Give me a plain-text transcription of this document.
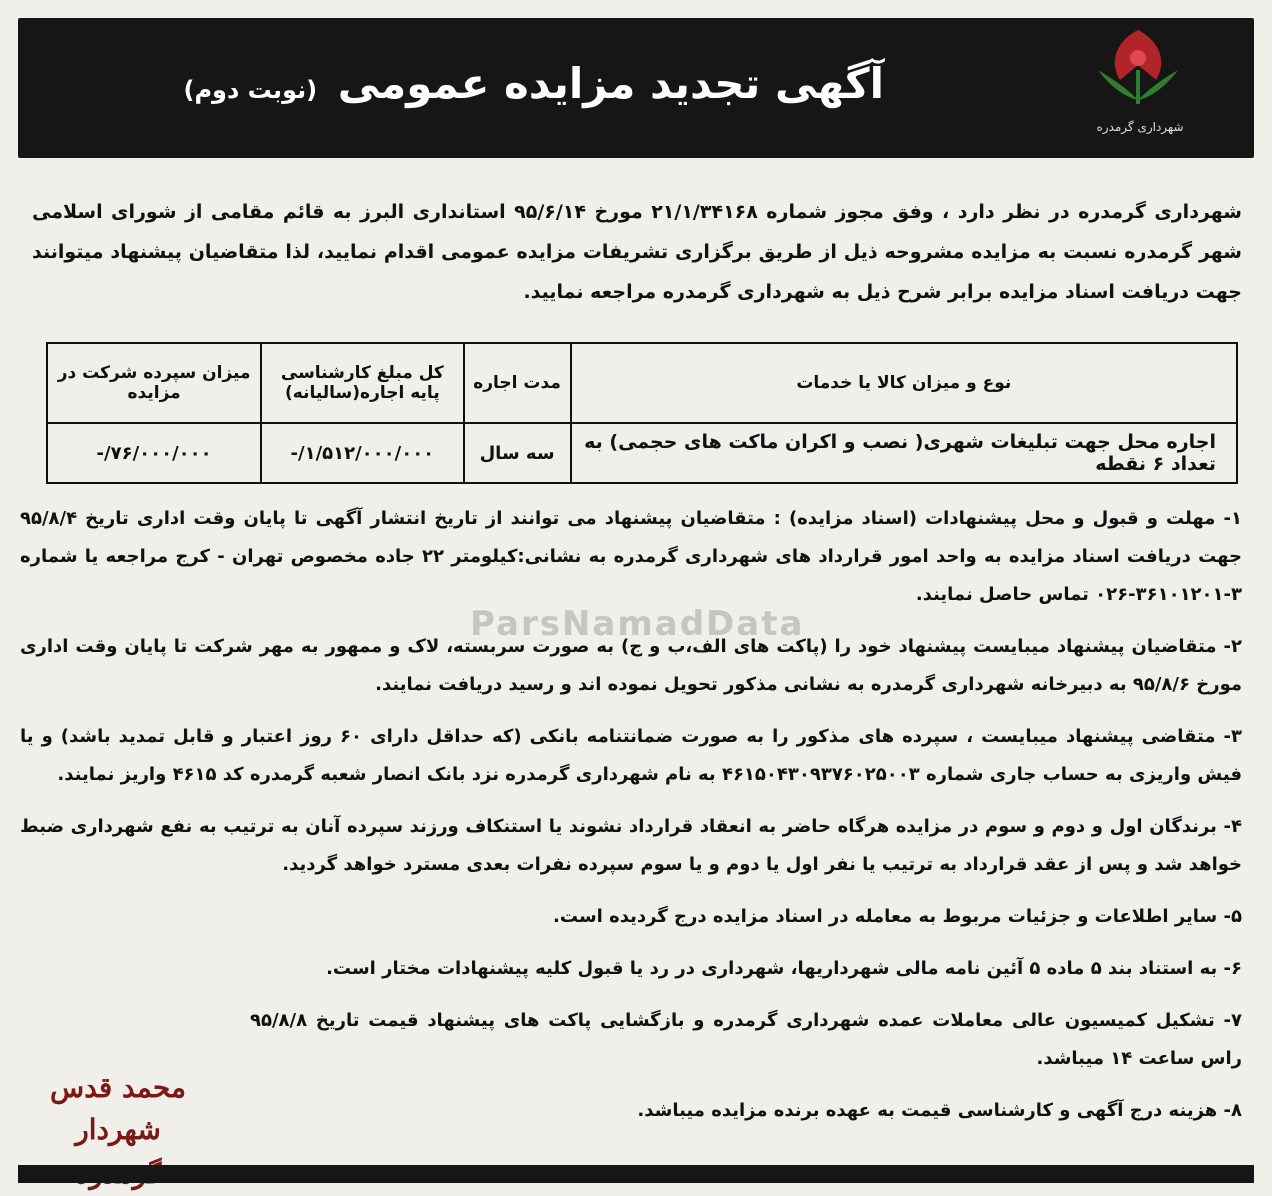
آگهی تجدید مزایده عمومی (نوبت دوم)
شهرداری گرمدره
شهرداری گرمدره در نظر دارد ، وفق مجوز شماره ۲۱/۱/۳۴۱۶۸ مورخ ۹۵/۶/۱۴ استانداری البرز به قائم مقامی از شورای اسلامی شهر گرمدره نسبت به مزایده مشروحه ذیل از طریق برگزاری تشریفات مزایده عمومی اقدام نمایید، لذا متقاضیان پیشنهاد میتوانند جهت دریافت اسناد مزایده برابر شرح ذیل به شهرداری گرمدره مراجعه نمایید.
نوع و میزان کالا یا خدمات	مدت اجاره	کل مبلغ کارشناسی پایه اجاره(سالیانه)	میزان سپرده شرکت در مزایده
اجاره محل جهت تبلیغات شهری( نصب و اکران ماکت های حجمی) به تعداد ۶ نقطه	سه سال	۱/۵۱۲/۰۰۰/۰۰۰/-	۷۶/۰۰۰/۰۰۰/-
ParsNamadData
۱- مهلت و قبول و محل پیشنهادات (اسناد مزایده) : متقاضیان پیشنهاد می توانند از تاریخ انتشار آگهی تا پایان وقت اداری تاریخ ۹۵/۸/۴ جهت دریافت اسناد مزایده به واحد امور قرارداد های شهرداری گرمدره به نشانی:کیلومتر ۲۲ جاده مخصوص تهران - کرج مراجعه یا شماره ۳-۳۶۱۰۱۲۰۱-۰۲۶ تماس حاصل نمایند.
۲- متقاضیان پیشنهاد میبایست پیشنهاد خود را (پاکت های الف،ب و ج) به صورت سربسته، لاک و ممهور به مهر شرکت تا پایان وقت اداری مورخ ۹۵/۸/۶ به دبیرخانه شهرداری گرمدره به نشانی مذکور تحویل نموده اند و رسید دریافت نمایند.
۳- متقاضی پیشنهاد میبایست ، سپرده های مذکور را به صورت ضمانتنامه بانکی (که حداقل دارای ۶۰ روز اعتبار و قابل تمدید باشد) و یا فیش واریزی به حساب جاری شماره ۴۶۱۵۰۴۳۰۹۳۷۶۰۲۵۰۰۳ به نام شهرداری گرمدره نزد بانک انصار شعبه گرمدره کد ۴۶۱۵ واریز نمایند.
۴- برندگان اول و دوم و سوم در مزایده هرگاه حاضر به انعقاد قرارداد نشوند یا استنکاف ورزند سپرده آنان به ترتیب به نفع شهرداری ضبط خواهد شد و پس از عقد قرارداد به ترتیب یا نفر اول یا دوم و یا سوم سپرده نفرات بعدی مسترد خواهد گردید.
۵- سایر اطلاعات و جزئیات مربوط به معامله در اسناد مزایده درج گردیده است.
۶- به استناد بند ۵ ماده ۵ آئین نامه مالی شهرداریها، شهرداری در رد یا قبول کلیه پیشنهادات مختار است.
۷- تشکیل کمیسیون عالی معاملات عمده شهرداری گرمدره و بازگشایی پاکت های پیشنهاد قیمت تاریخ ۹۵/۸/۸ راس ساعت ۱۴ میباشد.
۸- هزینه درج آگهی و کارشناسی قیمت به عهده برنده مزایده میباشد.
محمد قدس
شهردار
